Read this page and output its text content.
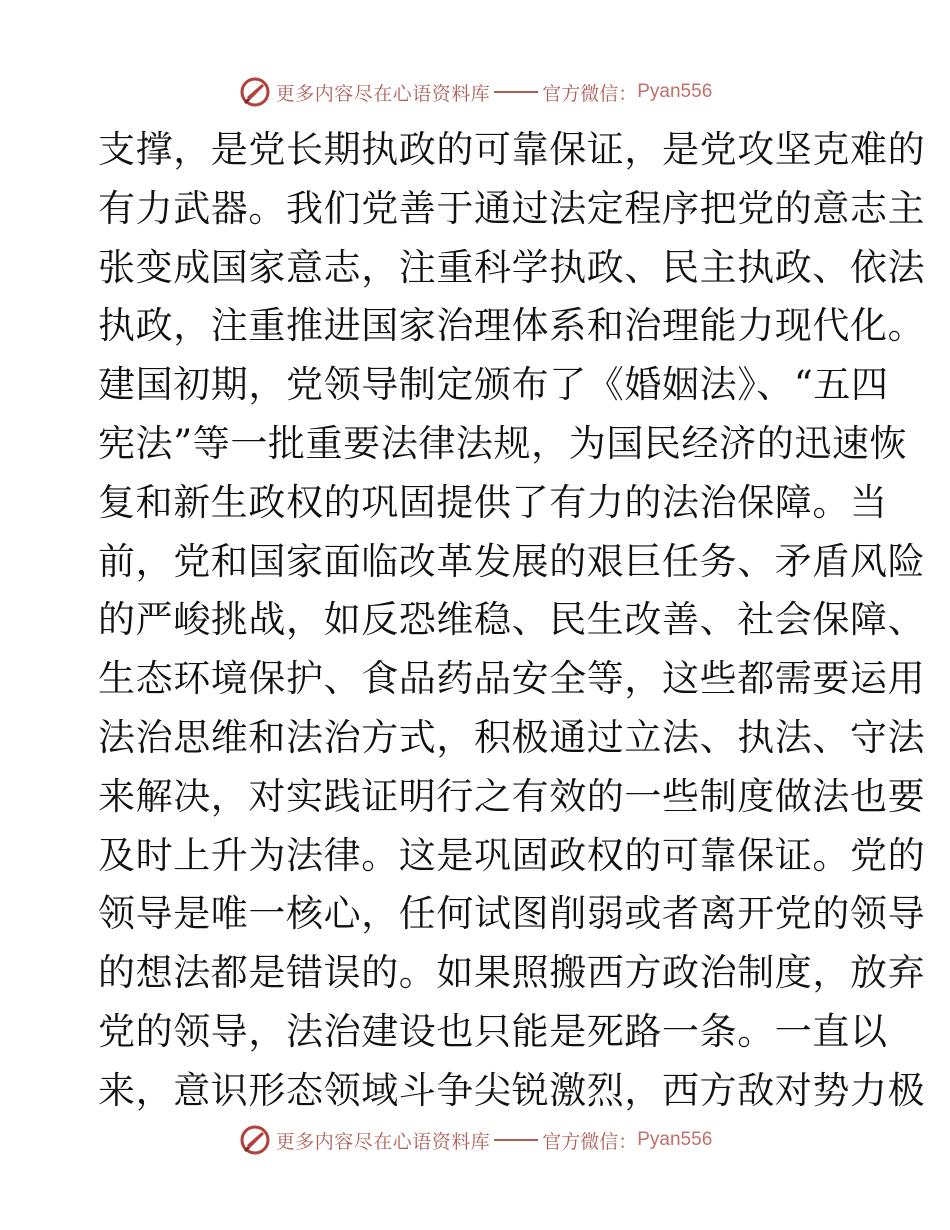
更多内容尽在心语资料库	官方微信： Pyan556
支撑，是党长期执政的可靠保证，是党攻坚克难的
有力武器。我们党善于通过法定程序把党的意志主
张变成国家意志，注重科学执政、民主执政、依法
执政，注重推进国家治理体系和治理能力现代化。
建国初期，党领导制定颁布了《婚姻法》、“五四
宪法”等一批重要法律法规，为国民经济的迅速恢
复和新生政权的巩固提供了有力的法治保障。当
前，党和国家面临改革发展的艰巨任务、矛盾风险
的严峻挑战，如反恐维稳、民生改善、社会保障、
生态环境保护、食品药品安全等，这些都需要运用
法治思维和法治方式，积极通过立法、执法、守法
来解决，对实践证明行之有效的一些制度做法也要
及时上升为法律。这是巩固政权的可靠保证。党的
领导是唯一核心，任何试图削弱或者离开党的领导
的想法都是错误的。如果照搬西方政治制度，放弃
党的领导，法治建设也只能是死路一条。一直以
来，意识形态领域斗争尖锐激烈，西方敌对势力极
更多内容尽在心语资料库	官方微信： Pyan556
